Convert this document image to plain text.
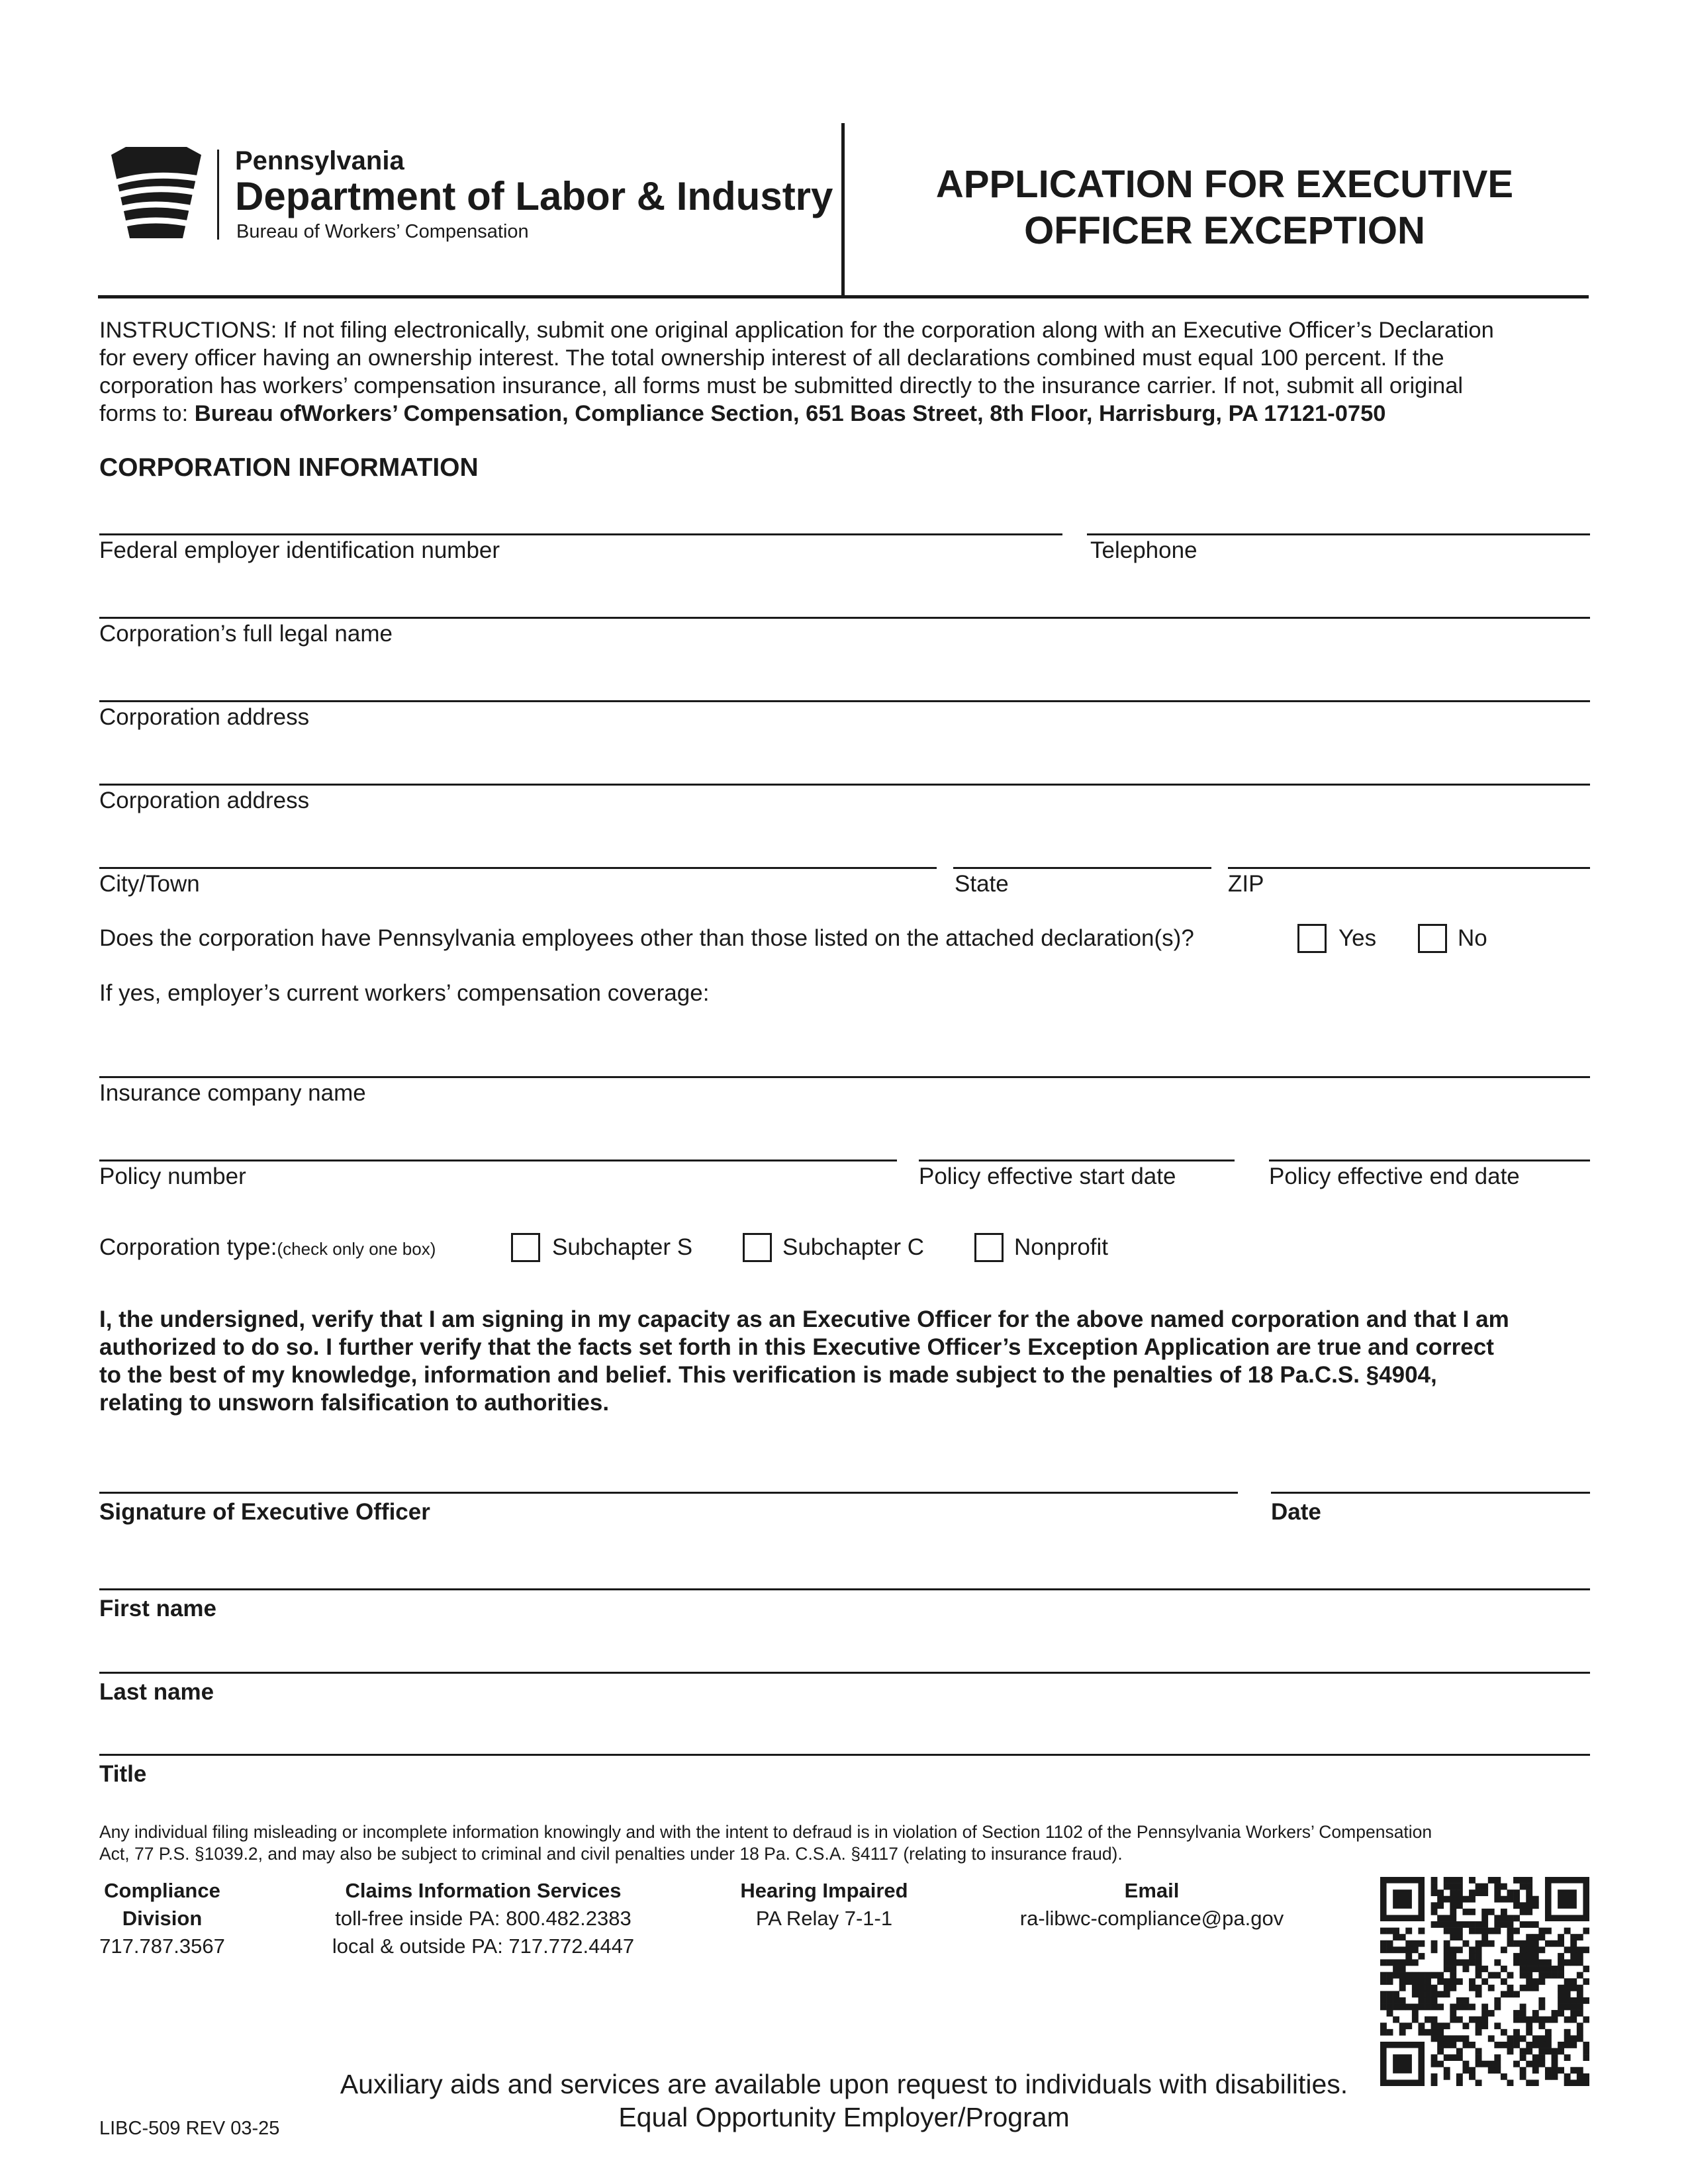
Pennsylvania
Department of Labor & Industry
Bureau of Workers’ Compensation
APPLICATION FOR EXECUTIVE
OFFICER EXCEPTION
INSTRUCTIONS: If not filing electronically, submit one original application for the corporation along with an Executive Officer’s Declaration
for every officer having an ownership interest. The total ownership interest of all declarations combined must equal 100 percent. If the
corporation has workers’ compensation insurance, all forms must be submitted directly to the insurance carrier. If not, submit all original
forms to: Bureau ofWorkers’ Compensation, Compliance Section, 651 Boas Street, 8th Floor, Harrisburg, PA 17121-0750
CORPORATION INFORMATION
Federal employer identification number	Telephone
Corporation’s full legal name
Corporation address
Corporation address
City/Town	State	ZIP
Does the corporation have Pennsylvania employees other than those listed on the attached declaration(s)?	Yes	No
If yes, employer’s current workers’ compensation coverage:
Insurance company name
Policy number	Policy effective start date	Policy effective end date
Corporation type:(check only one box)	Subchapter S	Subchapter C	Nonprofit
I, the undersigned, verify that I am signing in my capacity as an Executive Officer for the above named corporation and that I am
authorized to do so. I further verify that the facts set forth in this Executive Officer’s Exception Application are true and correct
to the best of my knowledge, information and belief. This verification is made subject to the penalties of 18 Pa.C.S. §4904,
relating to unsworn falsification to authorities.
Signature of Executive Officer	Date
First name
Last name
Title
Any individual filing misleading or incomplete information knowingly and with the intent to defraud is in violation of Section 1102 of the Pennsylvania Workers’ Compensation
Act, 77 P.S. §1039.2, and may also be subject to criminal and civil penalties under 18 Pa. C.S.A. §4117 (relating to insurance fraud).
Compliance
Division
717.787.3567
Claims Information Services
toll-free inside PA: 800.482.2383
local & outside PA: 717.772.4447
Hearing Impaired
PA Relay 7-1-1
Email
ra-libwc-compliance@pa.gov
Auxiliary aids and services are available upon request to individuals with disabilities.
Equal Opportunity Employer/Program
LIBC-509 REV 03-25
